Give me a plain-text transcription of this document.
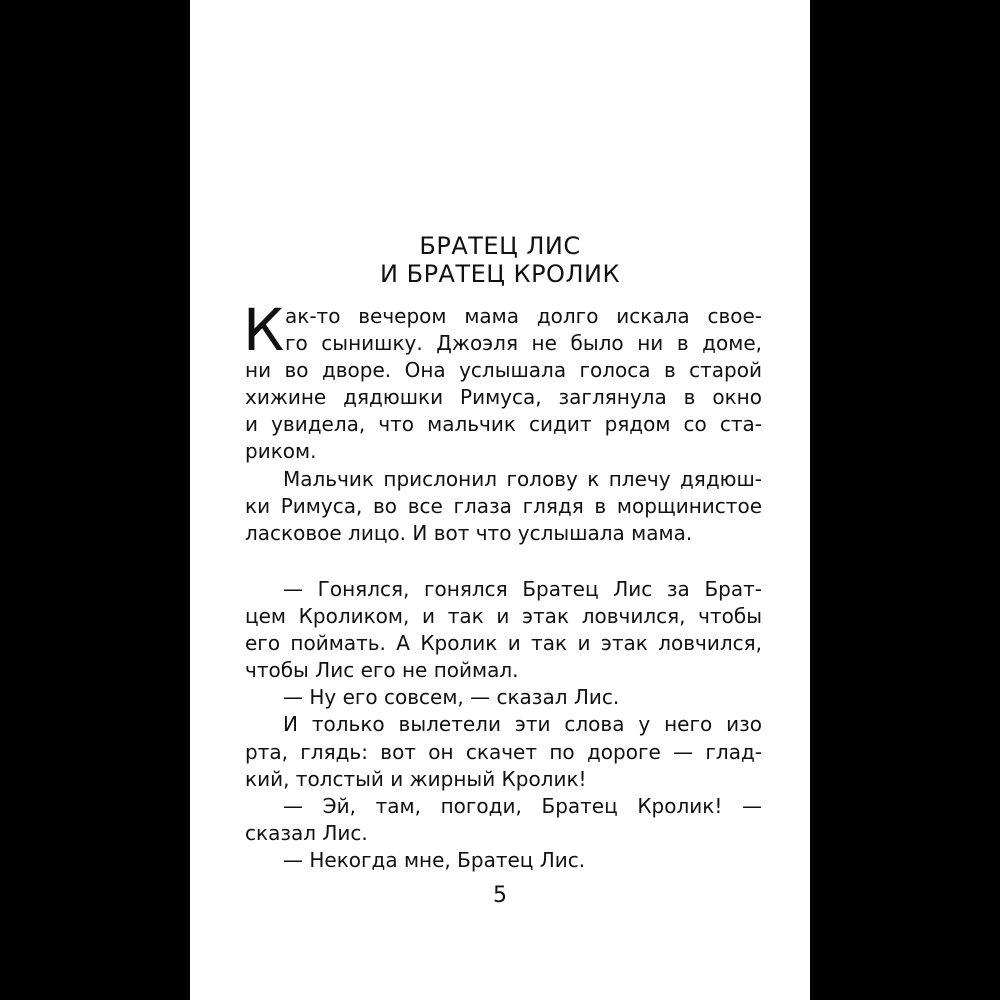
БРАТЕЦ ЛИС
И БРАТЕЦ КРОЛИК
К ак-то вечером мама долго искала свое-
го сынишку. Джоэля не было ни в доме,
ни во дворе. Она услышала голоса в старой
хижине дядюшки Римуса, заглянула в окно
и увидела, что мальчик сидит рядом со ста-
риком.
Мальчик прислонил голову к плечу дядюш-
ки Римуса, во все глаза глядя в морщинистое
ласковое лицо. И вот что услышала мама.
— Гонялся, гонялся Братец Лис за Брат-
цем Кроликом, и так и этак ловчился, чтобы
его поймать. А Кролик и так и этак ловчился,
чтобы Лис его не поймал.
— Ну его совсем, — сказал Лис.
И только вылетели эти слова у него изо
рта, глядь: вот он скачет по дороге — глад-
кий, толстый и жирный Кролик!
— Эй, там, погоди, Братец Кролик! —
сказал Лис.
— Некогда мне, Братец Лис.
5
